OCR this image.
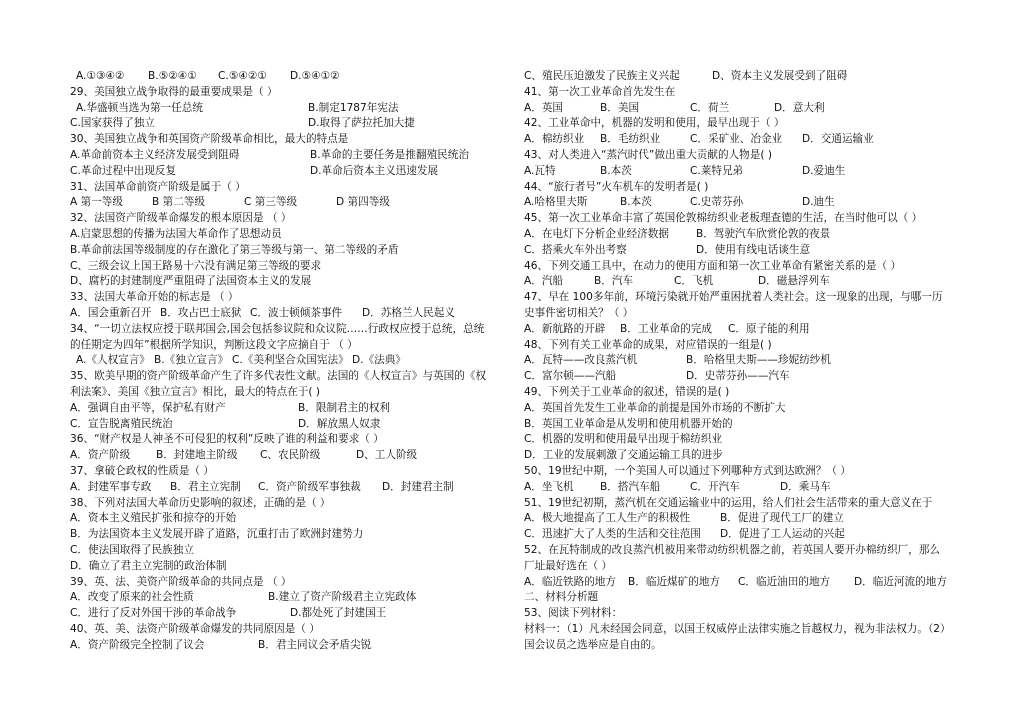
A.①③④②	B.⑤②④①	C.⑤④②①	D.⑤④①②
29、美国独立战争取得的最重要成果是（ ）
A.华盛顿当选为第一任总统	B.制定1787年宪法
C.国家获得了独立	D.取得了萨拉托加大捷
30、美国独立战争和英国资产阶级革命相比，最大的特点是
A.革命前资本主义经济发展受到阻碍	B.革命的主要任务是推翻殖民统治
C.革命过程中出现反复	D.革命后资本主义迅速发展
31、法国革命前资产阶级是属于（ ）
A 第一等级	B 第二等级	C 第三等级	D 第四等级
32、法国资产阶级革命爆发的根本原因是 （ ）
A.启蒙思想的传播为法国大革命作了思想动员
B.革命前法国等级制度的存在激化了第三等级与第一、第二等级的矛盾
C、三级会议上国王路易十六没有满足第三等级的要求
D、腐朽的封建制度严重阻碍了法国资本主义的发展
33、法国大革命开始的标志是 （ ）
A．国会重新召开 B．攻占巴士底狱 C．波士顿倾茶事件	D．苏格兰人民起义
34、“一切立法权应授于联邦国会,国会包括参议院和众议院……行政权应授于总统，总统
的任期定为四年”根据所学知识，判断这段文字应摘自于 （ ）
A.《人权宣言》 B.《独立宣言》 C.《美利坚合众国宪法》 D.《法典》
35、欧美早期的资产阶级革命产生了许多代表性文献。法国的《人权宣言》与英国的《权
利法案》、美国《独立宣言》相比，最大的特点在于( )
A．强调自由平等，保护私有财产	B．限制君主的权利
C．宣告脱离殖民统治	D．解放黑人奴隶
36、“财产权是人神圣不可侵犯的权利”反映了谁的利益和要求（ ）
A．资产阶级	B．封建地主阶级	C、农民阶级	D、工人阶级
37、拿破仑政权的性质是（ ）
A．封建军事专政	B．君主立宪制	C．资产阶级军事独裁	D．封建君主制
38、下列对法国大革命历史影响的叙述，正确的是（ ）
A．资本主义殖民扩张和掠夺的开始
B．为法国资本主义发展开辟了道路，沉重打击了欧洲封建势力
C．使法国取得了民族独立
D．确立了君主立宪制的政治体制
39、英、法、美资产阶级革命的共同点是 （ ）
A．改变了原来的社会性质	B.建立了资产阶级君主立宪政体
C．进行了反对外国干涉的革命战争	D.都处死了封建国王
40、英、美、法资产阶级革命爆发的共同原因是（ ）
A．资产阶级完全控制了议会	B．君主同议会矛盾尖锐
C、殖民压迫激发了民族主义兴起	D、资本主义发展受到了阻碍
41、第一次工业革命首先发生在
A．英国	B．美国	C．荷兰	D．意大利
42、工业革命中，机器的发明和使用，最早出现于（ ）
A．棉纺织业	B．毛纺织业	C．采矿业、冶金业	D．交通运输业
43、对人类进入“蒸汽时代”做出重大贡献的人物是( )
A.瓦特	B.本茨	C.莱特兄弟	D.爱迪生
44、“旅行者号”火车机车的发明者是( )
A.哈格里夫斯	B.本茨	C.史蒂芬孙	D.迪生
45、第一次工业革命丰富了英国伦敦棉纺织业老板理查德的生活，在当时他可以（ ）
A．在电灯下分析企业经济数据	B．驾驶汽车欣赏伦敦的夜景
C．搭乘火车外出考察	D．使用有线电话谈生意
46、下列交通工具中，在动力的使用方面和第一次工业革命有紧密关系的是（ ）
A．汽船	B．汽车	C．飞机	D．磁悬浮列车
47、早在 100多年前，环境污染就开始严重困扰着人类社会。这一现象的出现，与哪一历
史事件密切相关？（ ）
A．新航路的开辟	B．工业革命的完成	C．原子能的利用
48、下列有关工业革命的成果，对应错误的一组是( )
A．瓦特——改良蒸汽机	B．哈格里夫斯——珍妮纺纱机
C．富尔顿——汽船	D．史蒂芬孙——汽车
49、下列关于工业革命的叙述，错误的是( )
A．英国首先发生工业革命的前提是国外市场的不断扩大
B．英国工业革命是从发明和使用机器开始的
C．机器的发明和使用最早出现于棉纺织业
D．工业的发展刺激了交通运输工具的进步
50、19世纪中期，一个美国人可以通过下列哪种方式到达欧洲？（ ）
A．坐飞机	B．搭汽车船	C．开汽车	D．乘马车
51、19世纪初期，蒸汽机在交通运输业中的运用，给人们社会生活带来的重大意义在于
A．极大地提高了工人生产的积极性	B．促进了现代工厂的建立
C．迅速扩大了人类的生活和交往范围	D．促进了工人运动的兴起
52、在瓦特制成的改良蒸汽机被用来带动纺织机器之前，若英国人要开办棉纺织厂，那么
厂址最好选在（ ）
A．临近铁路的地方	B．临近煤矿的地方	C．临近油田的地方	D．临近河流的地方
二、材料分析题
53、阅读下列材料：
材料一：（1）凡未经国会同意，以国王权威停止法律实施之旨越权力，视为非法权力。（2）
国会议员之选举应是自由的。
